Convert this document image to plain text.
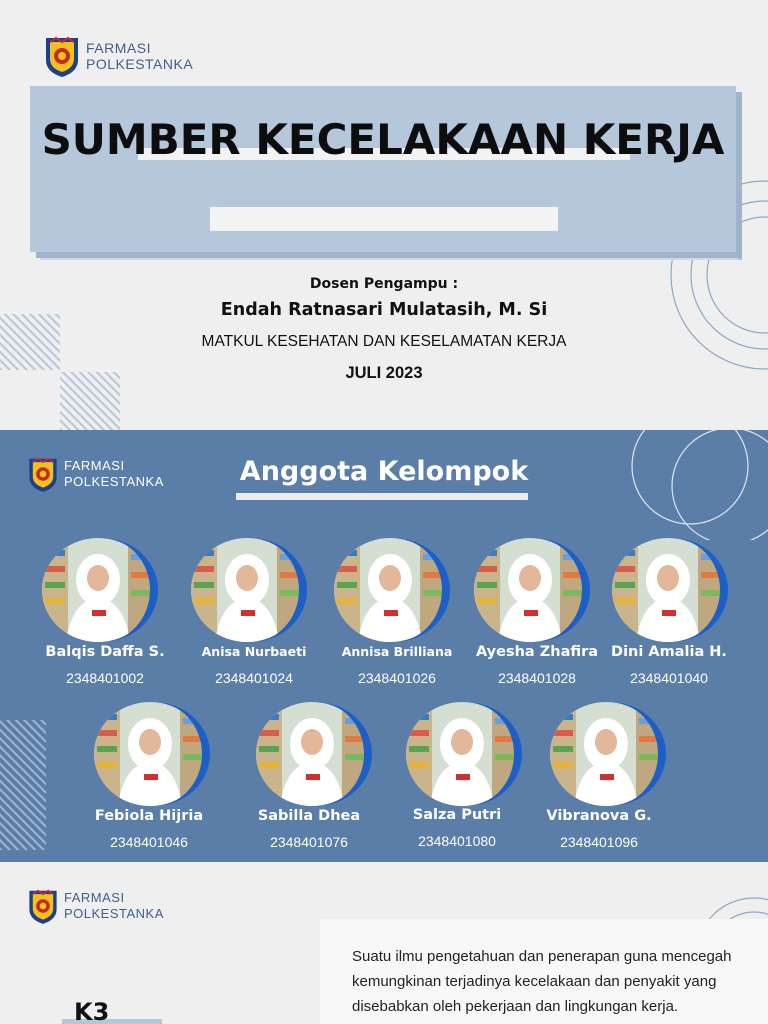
FARMASI
POLKESTANKA
SUMBER KECELAKAAN KERJA
Dosen Pengampu :
Endah Ratnasari Mulatasih, M. Si
MATKUL KESEHATAN DAN KESELAMATAN KERJA
JULI 2023
FARMASI
POLKESTANKA	Anggota Kelompok
Balqis Daffa S.
2348401002
Anisa Nurbaeti
2348401024
Annisa Brilliana
2348401026
Ayesha Zhafira
2348401028
Dini Amalia H.
2348401040
Febiola Hijria
2348401046
Sabilla Dhea
2348401076
Salza Putri
2348401080
Vibranova G.
2348401096
FARMASI
POLKESTANKA

Suatu ilmu pengetahuan dan penerapan guna mencegah kemungkinan terjadinya kecelakaan dan penyakit yang disebabkan oleh pekerjaan dan lingkungan kerja.

K3
